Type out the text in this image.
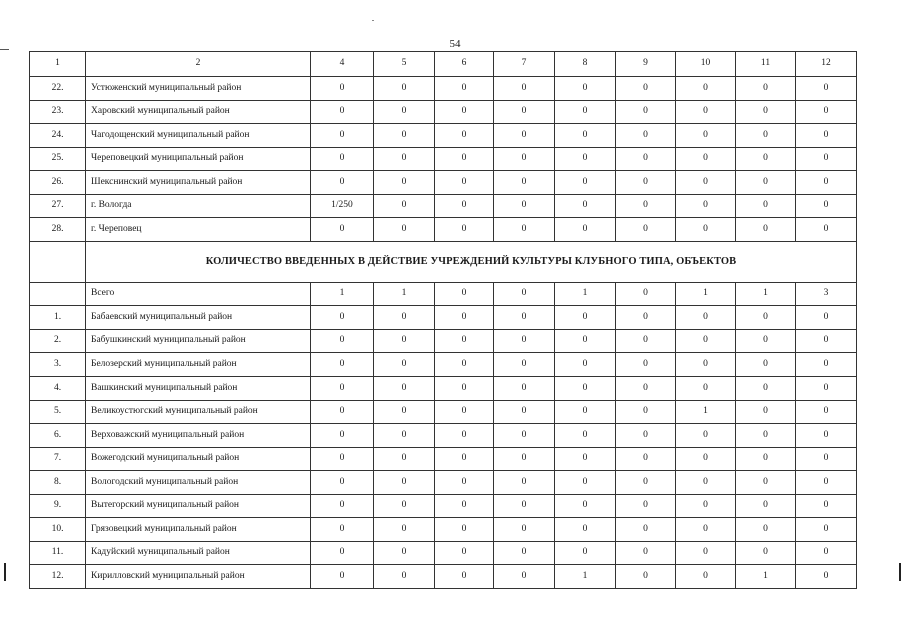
54
1	2	4	5	6	7	8	9	10	11	12
22.	Устюженский муниципальный район	0	0	0	0	0	0	0	0	0
23.	Харовский муниципальный район	0	0	0	0	0	0	0	0	0
24.	Чагодощенский муниципальный район	0	0	0	0	0	0	0	0	0
25.	Череповецкий муниципальный район	0	0	0	0	0	0	0	0	0
26.	Шекснинский муниципальный район	0	0	0	0	0	0	0	0	0
27.	г. Вологда	1/250	0	0	0	0	0	0	0	0
28.	г. Череповец	0	0	0	0	0	0	0	0	0
	КОЛИЧЕСТВО ВВЕДЕННЫХ В ДЕЙСТВИЕ УЧРЕЖДЕНИЙ КУЛЬТУРЫ КЛУБНОГО ТИПА, ОБЪЕКТОВ									
	Всего	1	1	0	0	1	0	1	1	3
1.	Бабаевский муниципальный район	0	0	0	0	0	0	0	0	0
2.	Бабушкинский муниципальный район	0	0	0	0	0	0	0	0	0
3.	Белозерский муниципальный район	0	0	0	0	0	0	0	0	0
4.	Вашкинский муниципальный район	0	0	0	0	0	0	0	0	0
5.	Великоустюгский муниципальный район	0	0	0	0	0	0	1	0	0
6.	Верховажский муниципальный район	0	0	0	0	0	0	0	0	0
7.	Вожегодский муниципальный район	0	0	0	0	0	0	0	0	0
8.	Вологодский муниципальный район	0	0	0	0	0	0	0	0	0
9.	Вытегорский муниципальный район	0	0	0	0	0	0	0	0	0
10.	Грязовецкий муниципальный район	0	0	0	0	0	0	0	0	0
11.	Кадуйский муниципальный район	0	0	0	0	0	0	0	0	0
12.	Кирилловский муниципальный район	0	0	0	0	1	0	0	1	0
